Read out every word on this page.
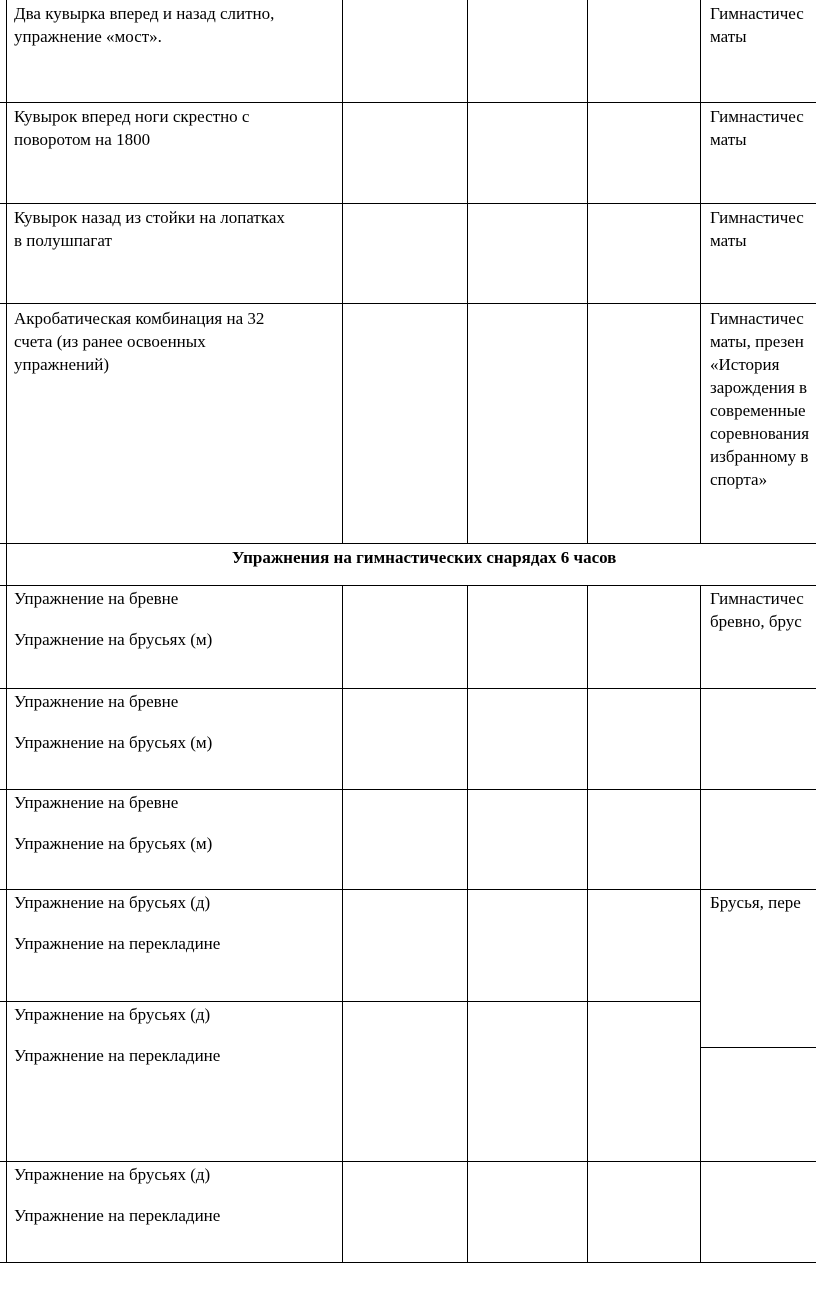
Два кувырка вперед и назад слитно,
упражнение «мост».
Гимнастичес
маты
Кувырок вперед ноги скрестно с
поворотом на 1800
Гимнастичес
маты
Кувырок назад из стойки на лопатках
в полушпагат
Гимнастичес
маты
Акробатическая комбинация на 32
счета (из ранее освоенных
упражнений)
Гимнастичес
маты, презен
«История
зарождения в
современные
соревнования
избранному в
спорта»
Упражнения на гимнастических снарядах 6 часов
Упражнение на бревне
Упражнение на брусьях (м)
Гимнастичес
бревно, брус
Упражнение на бревне
Упражнение на брусьях (м)
Упражнение на бревне
Упражнение на брусьях (м)
Упражнение на брусьях (д)
Упражнение на перекладине
Брусья, пере
Упражнение на брусьях (д)
Упражнение на перекладине
Упражнение на брусьях (д)
Упражнение на перекладине
